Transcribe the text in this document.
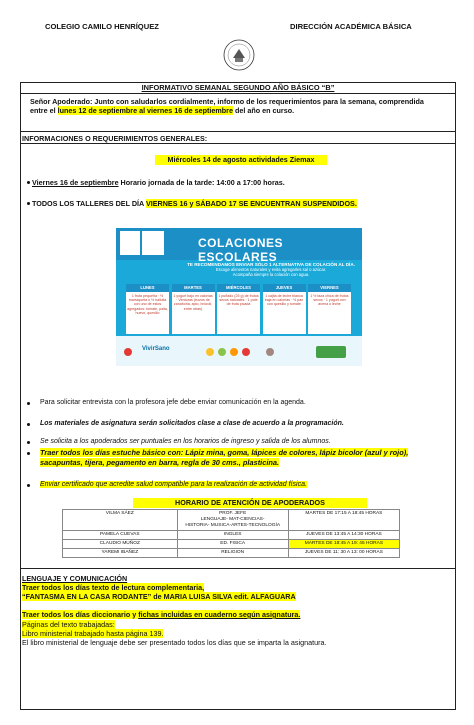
COLEGIO CAMILO HENRÍQUEZ	DIRECCIÓN ACADÉMICA BÁSICA
INFORMATIVO SEMANAL SEGUNDO AÑO BÁSICO “B”
Señor Apoderado: Junto con saludarlos cordialmente, informo de los requerimientos para la semana, comprendida entre el lunes 12 de septiembre al viernes 16 de septiembre del año en curso.
INFORMACIONES O REQUERIMIENTOS GENERALES:
Miércoles 14 de agosto actividades Ziemax
Viernes 16 de septiembre Horario jornada de la tarde: 14:00 a 17:00 horas.
TODOS LOS TALLERES DEL DÍA VIERNES 16 y SÁBADO 17 SE ENCUENTRAN SUSPENDIDOS.
COLACIONES ESCOLARES
TE RECOMENDAMOS ENVIAR SÓLO 1 ALTERNATIVA DE COLACIÓN AL DÍA.
Escoge alimentos naturales y evita agregarles sal o azúcar.
Acompaña siempre la colación con agua.
LUNES
1 fruta pequeña · ½ marraqueta o ½ hallulla con uno de estos agregados: tomate, palta, huevo, quesillo
MARTES
1 yogurt bajo en calorías · Verduras (trozos de zanahoria, apio, brócoli, entre otras)
MIÉRCOLES
1 puñado (25 g) de frutos secos naturales · 1 pote de fruta picada
JUEVES
1 cajita de leche blanca baja en calorías · ½ pan con quesillo y tomate
VIERNES
1 ½ taza chica de frutos secos · 1 yogurt con avena o leche
VivirSano
Para solicitar entrevista con la profesora jefe debe enviar comunicación en la agenda.
Los materiales de asignatura serán solicitados clase a clase de acuerdo a la programación.
Se solicita a los apoderados ser puntuales en los horarios de ingreso y salida de los alumnos.
Traer todos los días estuche básico con: Lápiz mina, goma, lápices de colores, lápiz bicolor (azul y rojo), sacapuntas, tijera, pegamento en barra, regla de 30 cms., plasticina.
Enviar certificado que acredite salud compatible para la realización de actividad física.
HORARIO DE ATENCIÓN DE APODERADOS
VILMA SÁEZ	PROF. JEFE
LENGUAJE- MAT-CIENCIAS-
HISTORIA- MUSICA-ARTES-TECNOLOGÍA	MARTES DE 17:15 A 18:45 HORAS
PAMELA CUEVAS	INGLES	JUEVES DE 13:45 A 14:30 HORAS
CLAUDIO MUÑOZ	ED. FISICA	MARTES DE 18:45 A 19: 45 HORAS
YAREMI IBAÑEZ	RELIGION	JUEVES DE 11: 30 A 13: 00 HORAS
LENGUAJE Y COMUNICACIÓN
Traer todos los días texto de lectura complementaria,
“FANTASMA EN LA CASA RODANTE” de MARIA LUISA SILVA edit. ALFAGUARA
Traer todos los días diccionario y fichas incluidas en cuaderno según asignatura.
Páginas del texto trabajadas:
Libro ministerial trabajado hasta página 139.
El libro ministerial de lenguaje debe ser presentado todos los días que se imparta la asignatura.
